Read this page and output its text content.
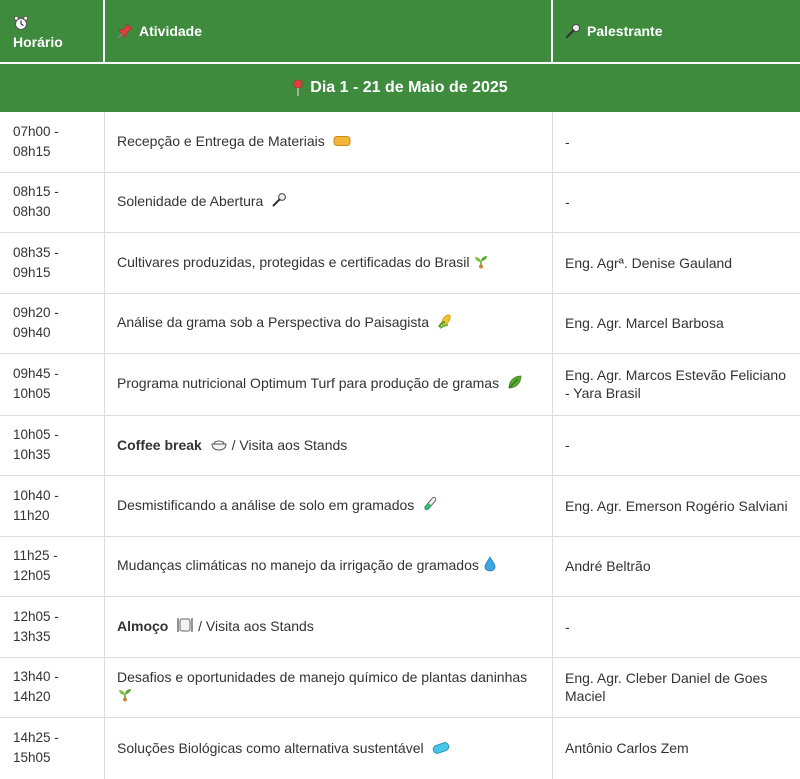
Horário
Atividade	Palestrante
Dia 1 - 21 de Maio de 2025
07h00 -
08h15
Recepção e Entrega de Materiais	-
08h15 -
08h30
Solenidade de Abertura	-
08h35 -
09h15
Cultivares produzidas, protegidas e certificadas do Brasil	Eng. Agrª. Denise Gauland
09h20 -
09h40
Análise da grama sob a Perspectiva do Paisagista	Eng. Agr. Marcel Barbosa
09h45 -
10h05
Programa nutricional Optimum Turf para produção de gramas	Eng. Agr. Marcos Estevão Feliciano - Yara Brasil
10h05 -
10h35
Coffee break / Visita aos Stands	-
10h40 -
11h20
Desmistificando a análise de solo em gramados	Eng. Agr. Emerson Rogério Salviani
11h25 -
12h05
Mudanças climáticas no manejo da irrigação de gramados	André Beltrão
12h05 -
13h35
Almoço / Visita aos Stands	-
13h40 -
14h20
Desafios e oportunidades de manejo químico de plantas daninhas	Eng. Agr. Cleber Daniel de Goes Maciel
14h25 -
15h05
Soluções Biológicas como alternativa sustentável	Antônio Carlos Zem
